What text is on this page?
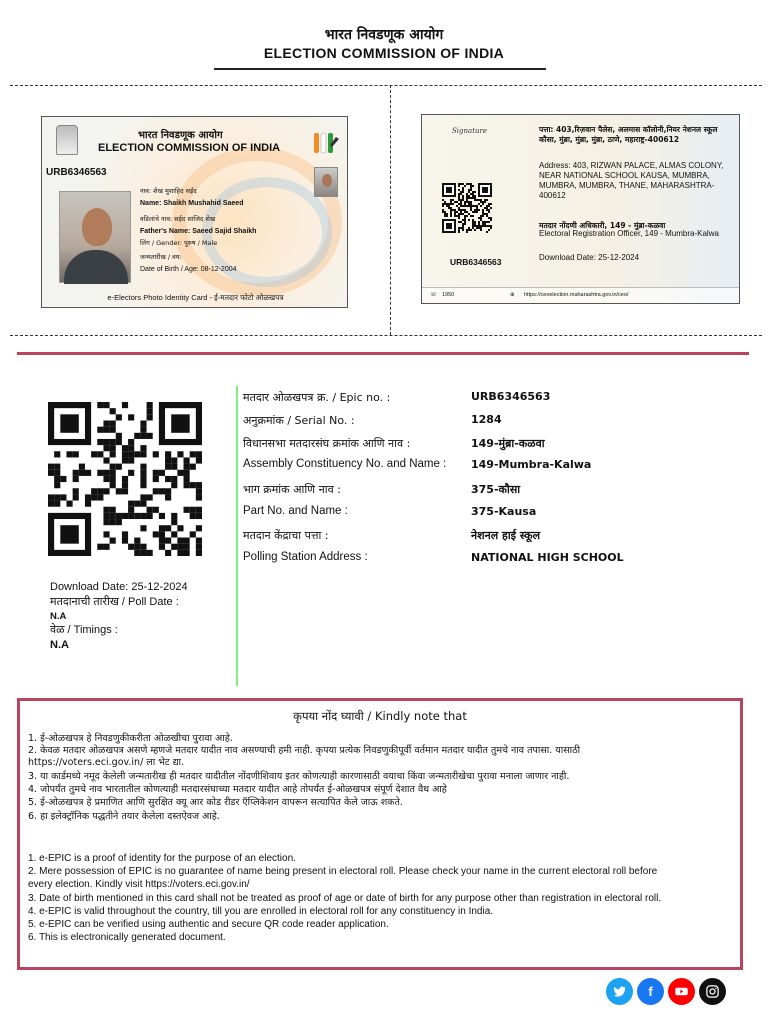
भारत निवडणूक आयोग
ELECTION COMMISSION OF INDIA
भारत निवडणूक आयोग
ELECTION COMMISSION OF INDIA
URB6346563
नाव: शेख मुशाहिद सईद
Name: Shaikh Mushahid Saeed
वडिलांचे नाव: सईद साजिद शेख
Father's Name: Saeed Sajid Shaikh
लिंग / Gender: पुरुष / Male
जन्मतारीख / वय:
Date of Birth / Age: 08-12-2004
e-Electors Photo Identity Card - ई-मतदार फोटो ओळखपत्र
Signature
URB6346563
पत्ता: 403,रिज़वान पैलेस, अलमास कॉलोनी,नियर नेशनल स्कूल कौसा, मुंब्रा, मुंब्रा, मुंब्रा, ठाणे, महाराष्ट्र-400612
Address: 403, RIZWAN PALACE, ALMAS COLONY, NEAR NATIONAL SCHOOL KAUSA, MUMBRA, MUMBRA, MUMBRA, THANE, MAHARASHTRA- 400612
मतदार नोंदणी अधिकारी, 149 - मुंब्रा-कळवा
Electoral Registration Officer, 149 - Mumbra-Kalwa
Download Date: 25-12-2024
☏ 1950	⊕ https://ceoelection.maharashtra.gov.in/ceo/
Download Date: 25-12-2024
मतदानाची तारीख / Poll Date :
N.A
वेळ / Timings :
N.A
मतदार ओळखपत्र क्र. / Epic no. :	URB6346563
अनुक्रमांक / Serial No. :	1284
विधानसभा मतदारसंघ क्रमांक आणि नाव :	149-मुंब्रा-कळवा
Assembly Constituency No. and Name : 149-Mumbra-Kalwa
भाग क्रमांक आणि नाव :	375-कौसा
Part No. and Name :	375-Kausa
मतदान केंद्राचा पत्ता :	नेशनल हाई स्कूल
Polling Station Address :	NATIONAL HIGH SCHOOL
कृपया नोंद घ्यावी / Kindly note that
1. ई-ओळखपत्र हे निवडणुकीकरीता ओळखीचा पुरावा आहे.
2. केवळ मतदार ओळखपत्र असणे म्हणजे मतदार यादीत नाव असण्याची हमी नाही. कृपया प्रत्येक निवडणुकीपूर्वी वर्तमान मतदार यादीत तुमचे नाव तपासा. यासाठी
https://voters.eci.gov.in/ ला भेट द्या.
3. या कार्डमध्ये नमूद केलेली जन्मतारीख ही मतदार यादीतील नोंदणीशिवाय इतर कोणत्याही कारणासाठी वयाचा किंवा जन्मतारीखेचा पुरावा मनाला जाणार नाही.
4. जोपर्यंत तुमचे नाव भारतातील कोणत्याही मतदारसंघाच्या मतदार यादीत आहे तोपर्यंत ई-ओळखपत्र संपूर्ण देशात वैध आहे
5. ई-ओळखपत्र हे प्रमाणित आणि सुरक्षित क्यू आर कोड रीडर ऍप्लिकेशन वापरून सत्यापित केले जाऊ शकते.
6. हा इलेक्ट्रॉनिक पद्धतीने तयार केलेला दस्तऐवज आहे.
1. e-EPIC is a proof of identity for the purpose of an election.
2. Mere possession of EPIC is no guarantee of name being present in electoral roll. Please check your name in the current electoral roll before
every election. Kindly visit https://voters.eci.gov.in/
3. Date of birth mentioned in this card shall not be treated as proof of age or date of birth for any purpose other than registration in electoral roll.
4. e-EPIC is valid throughout the country, till you are enrolled in electoral roll for any constituency in India.
5. e-EPIC can be verified using authentic and secure QR code reader application.
6. This is electronically generated document.
f
